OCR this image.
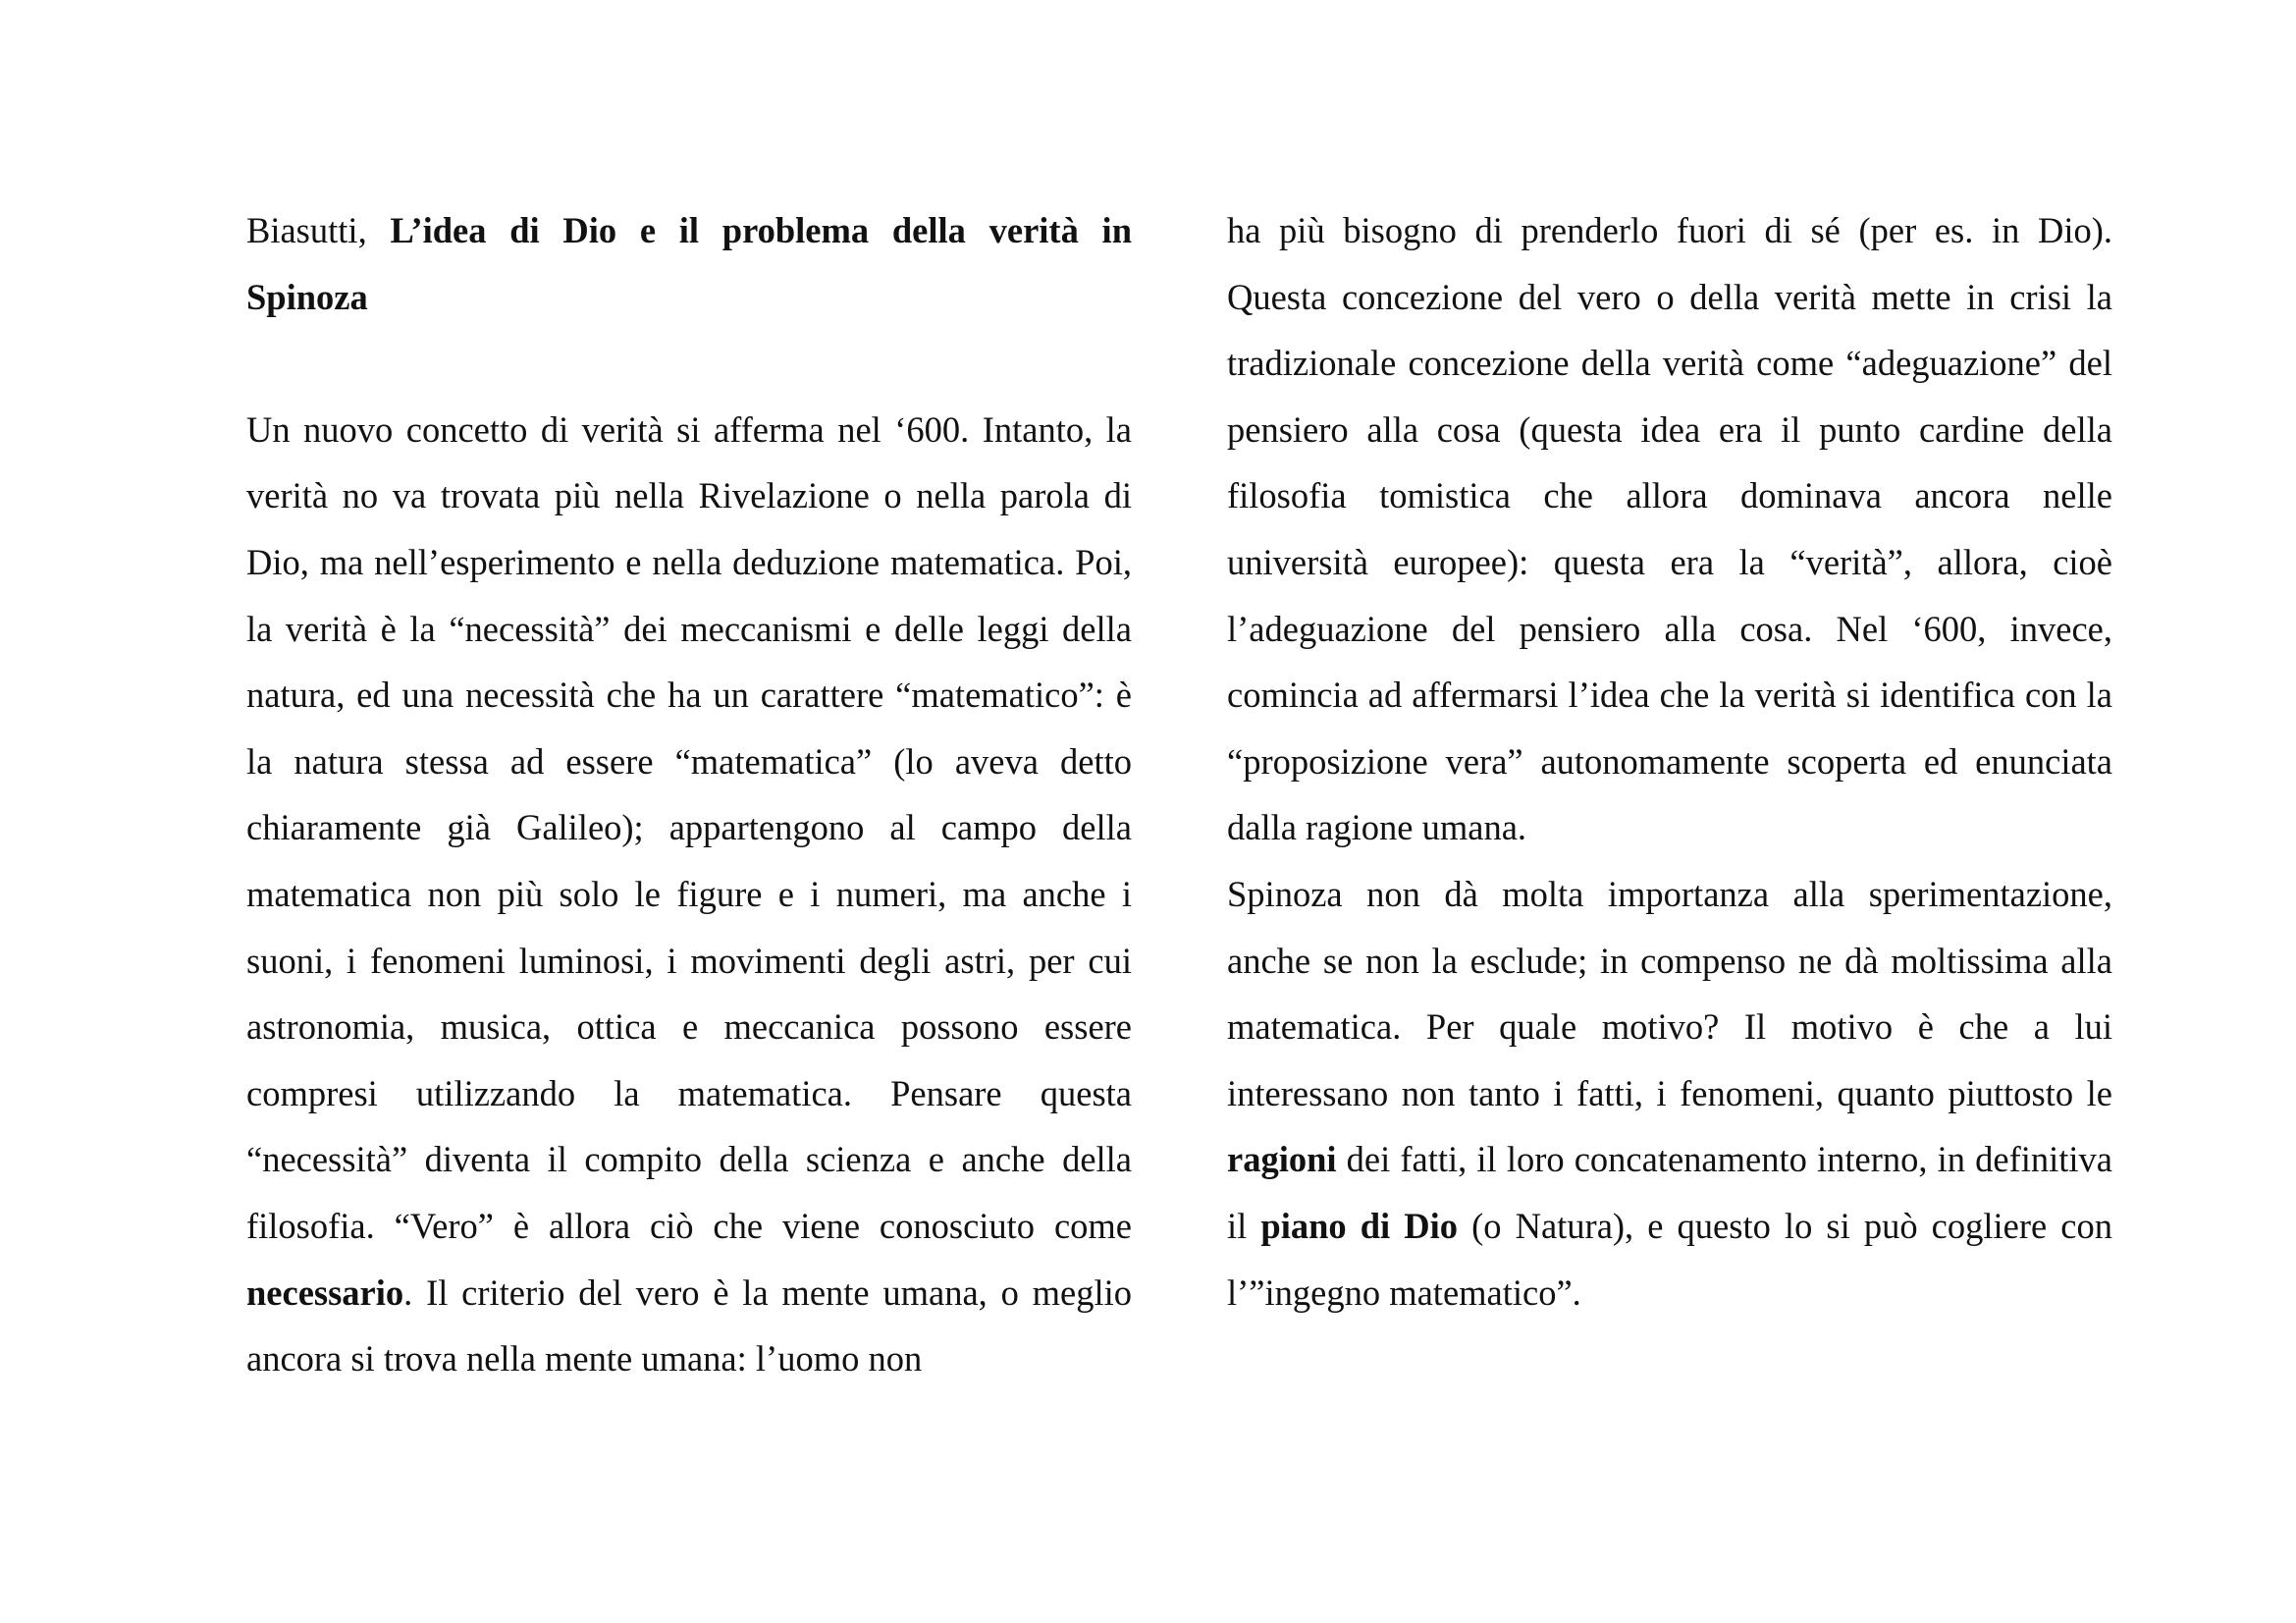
Biasutti, L’idea di Dio e il problema della verità in Spinoza

Un nuovo concetto di verità si afferma nel ‘600. Intanto, la verità no va trovata più nella Rivelazione o nella parola di Dio, ma nell’esperimento e nella deduzione matematica. Poi, la verità è la “necessità” dei meccanismi e delle leggi della natura, ed una necessità che ha un carattere “matematico”: è la natura stessa ad essere “matematica” (lo aveva detto chiaramente già Galileo); appartengono al campo della matematica non più solo le figure e i numeri, ma anche i suoni, i fenomeni luminosi, i movimenti degli astri, per cui astronomia, musica, ottica e meccanica possono essere compresi utilizzando la matematica. Pensare questa “necessità” diventa il compito della scienza e anche della filosofia. “Vero” è allora ciò che viene conosciuto come necessario. Il criterio del vero è la mente umana, o meglio ancora si trova nella mente umana: l’uomo non

ha più bisogno di prenderlo fuori di sé (per es. in Dio). Questa concezione del vero o della verità mette in crisi la tradizionale concezione della verità come “adeguazione” del pensiero alla cosa (questa idea era il punto cardine della filosofia tomistica che allora dominava ancora nelle università europee): questa era la “verità”, allora, cioè l’adeguazione del pensiero alla cosa. Nel ‘600, invece, comincia ad affermarsi l’idea che la verità si identifica con la “proposizione vera” autonomamente scoperta ed enunciata dalla ragione umana.

Spinoza non dà molta importanza alla sperimentazione, anche se non la esclude; in compenso ne dà moltissima alla matematica. Per quale motivo? Il motivo è che a lui interessano non tanto i fatti, i fenomeni, quanto piuttosto le ragioni dei fatti, il loro concatenamento interno, in definitiva il piano di Dio (o Natura), e questo lo si può cogliere con l’”ingegno matematico”.
